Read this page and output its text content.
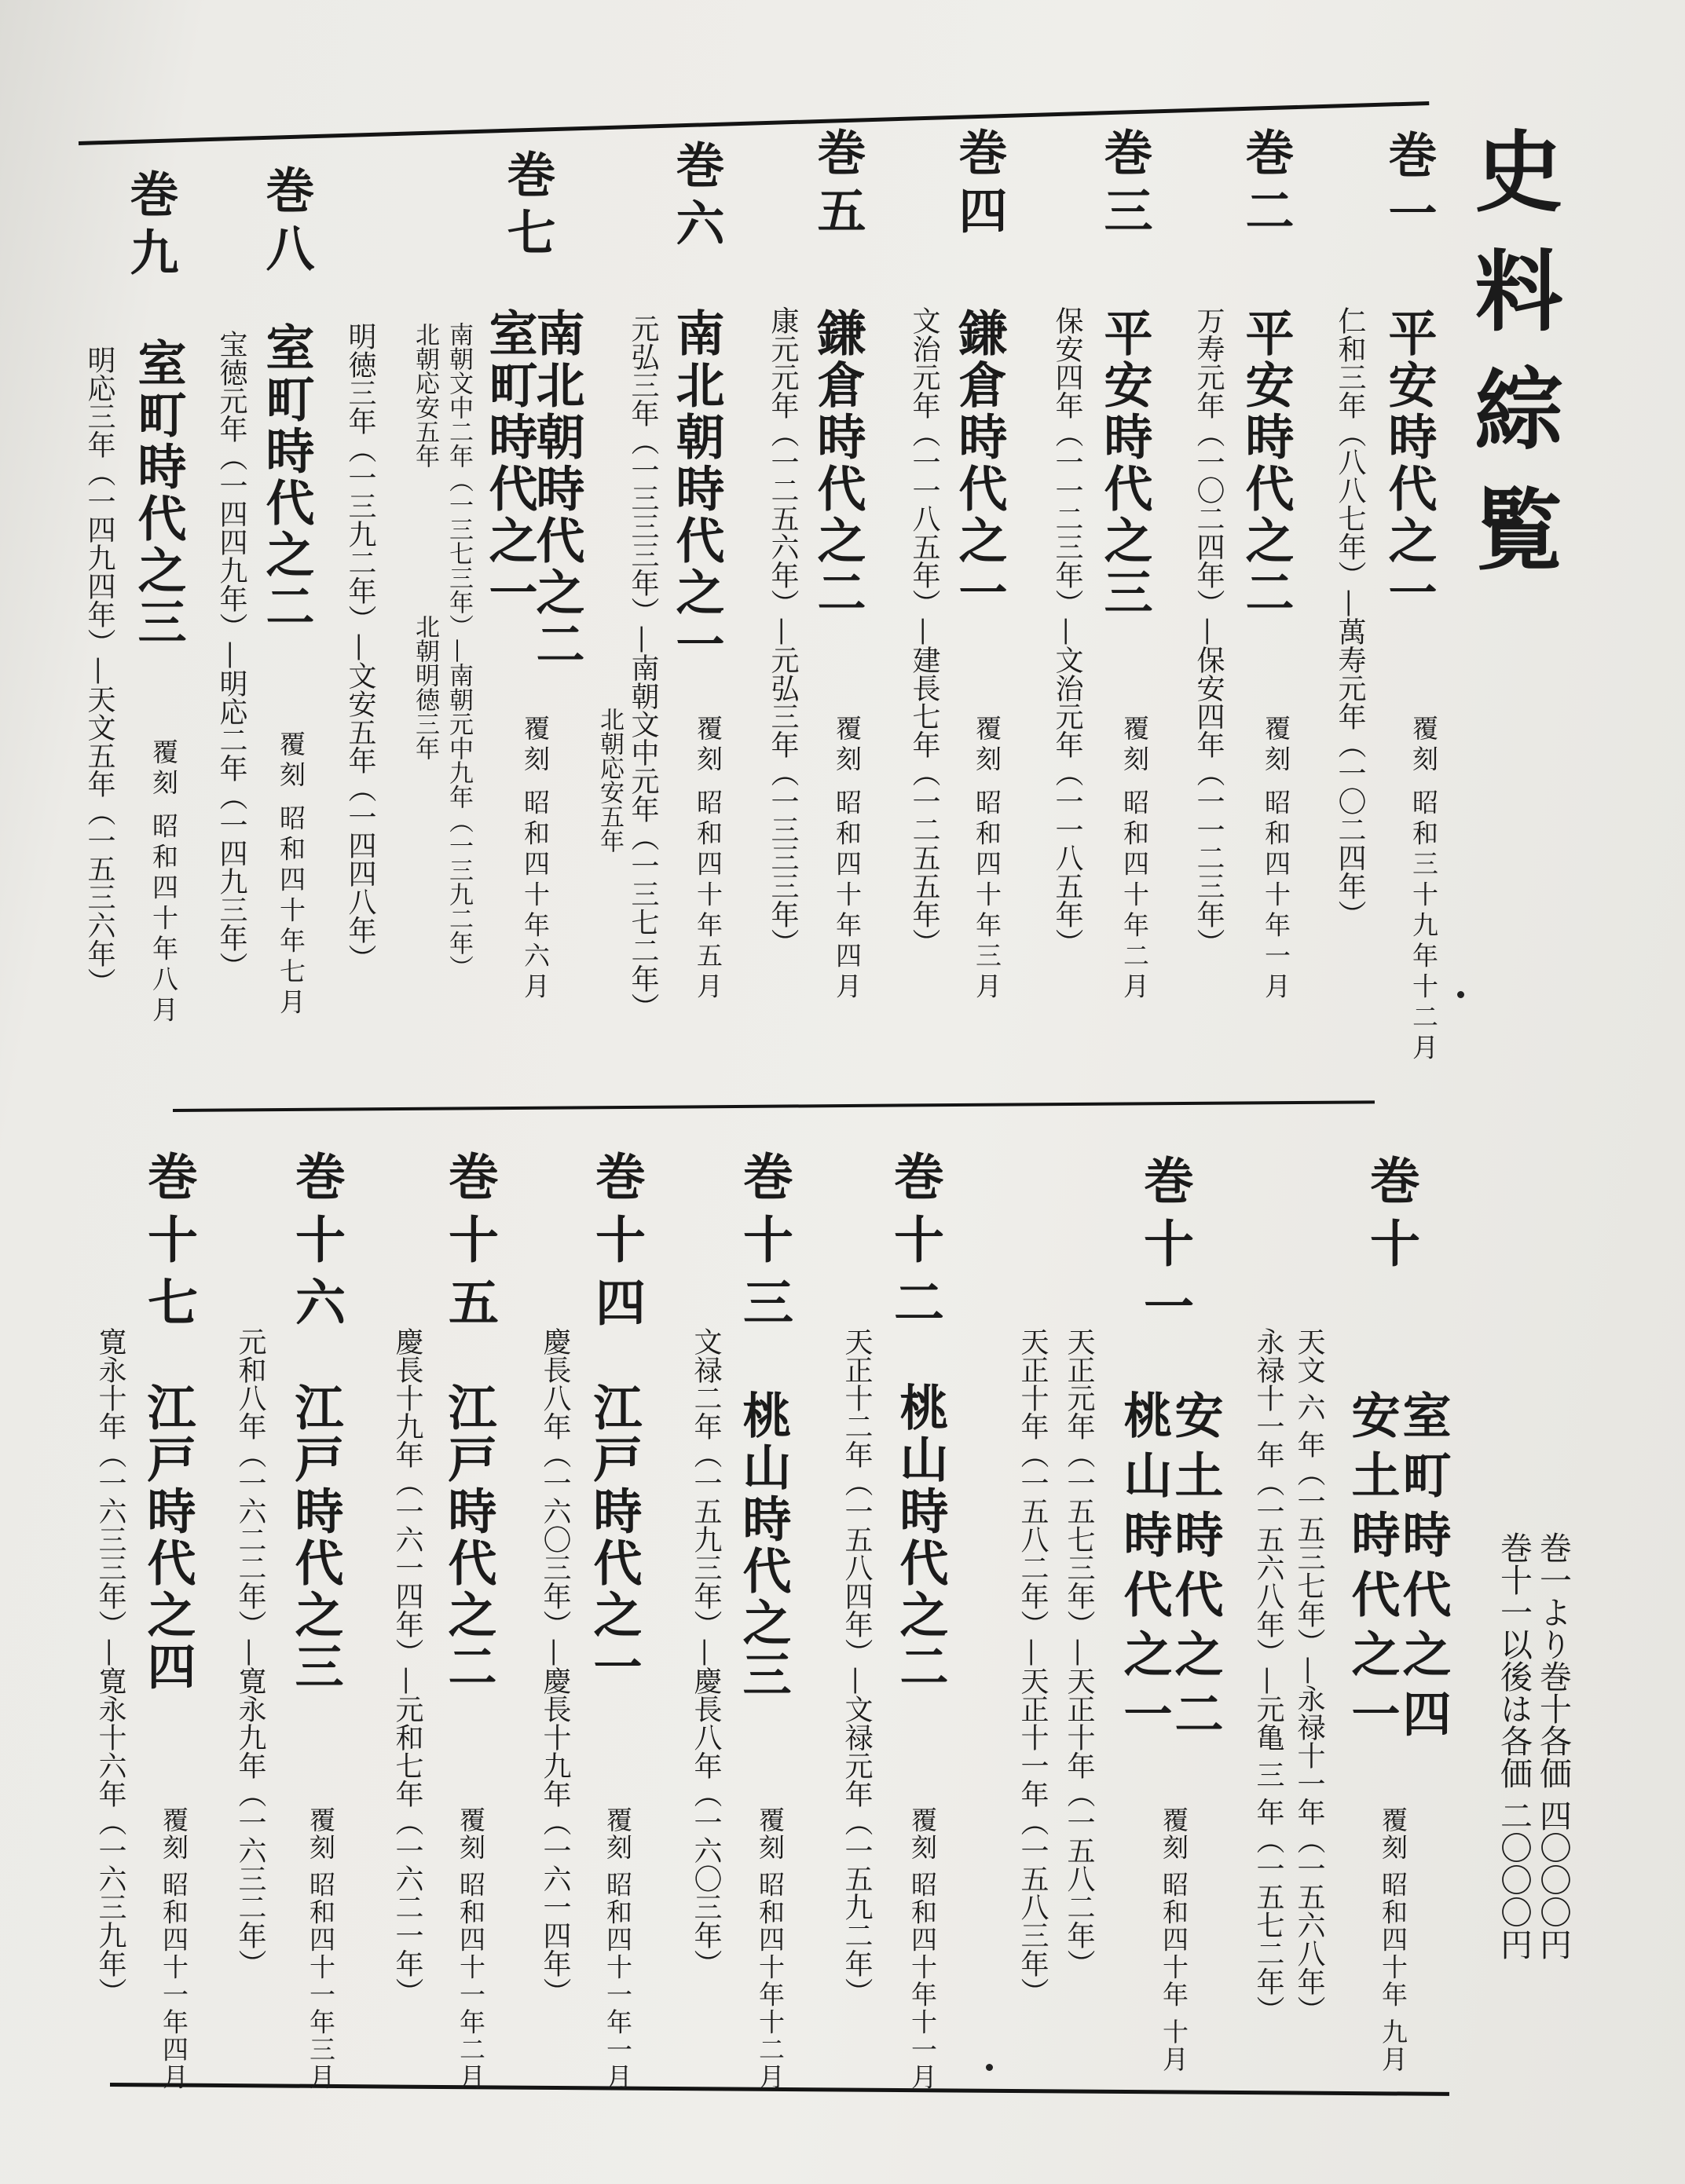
史料綜覧
巻一
平安時代之一
仁和三年（八八七年）—萬寿元年（一〇二四年） 覆刻 昭和三十九年十二月
巻二
平安時代之二
万寿元年（一〇二四年）—保安四年（一一二三年） 覆刻 昭和四十年一月
巻三
平安時代之三
保安四年（一一二三年）—文治元年（一一八五年） 覆刻 昭和四十年二月
巻四
鎌倉時代之一
文治元年（一一八五年）—建長七年（一二五五年） 覆刻 昭和四十年三月
巻五
鎌倉時代之二
康元元年（一二五六年）—元弘三年（一三三三年） 覆刻 昭和四十年四月
巻六
南北朝時代之一
元弘三年（一三三三年）—南朝文中元年（一三七二年）
北朝応安五年	覆刻 昭和四十年五月
巻七
南北朝時代之二
室町時代之一
南朝文中二年（一三七三年）—南朝元中九年（一三九二年）
北朝応安五年　　　　　　北朝明徳三年
明徳三年（一三九二年）—文安五年（一四四八年）	覆刻 昭和四十年六月
巻八
室町時代之二
宝徳元年（一四四九年）—明応二年（一四九三年） 覆刻 昭和四十年七月
巻九
室町時代之三
明応三年（一四九四年）—天文五年（一五三六年） 覆刻 昭和四十年八月
巻十
室町時代之四
安土時代之一
天文 六 年（一五三七年）—永禄十一年（一五六八年）
永禄十一年（一五六八年）—元亀 三 年（一五七二年）	覆刻 昭和四十年 九月
巻十一
安土時代之二
桃山時代之一
天正元年（一五七三年）—天正十年（一五八二年）
天正十年（一五八二年）—天正十一年（一五八三年）	覆刻 昭和四十年 十月
巻十二
桃山時代之二
天正十二年（一五八四年）—文禄元年（一五九二年） 覆刻 昭和四十年十一月
巻十三
桃山時代之三
文禄二年（一五九三年）—慶長八年（一六〇三年） 覆刻 昭和四十年十二月
巻十四
江戸時代之一
慶長八年（一六〇三年）—慶長十九年（一六一四年） 覆刻 昭和四十一年一月
巻十五
江戸時代之二
慶長十九年（一六一四年）—元和七年（一六二一年） 覆刻 昭和四十一年二月
巻十六
江戸時代之三
元和八年（一六二二年）—寛永九年（一六三二年） 覆刻 昭和四十一年三月
巻十七
江戸時代之四
寛永十年（一六三三年）—寛永十六年（一六三九年） 覆刻 昭和四十一年四月	巻一より巻十各価 四〇〇〇円
巻十一以後は各価 二〇〇〇円
